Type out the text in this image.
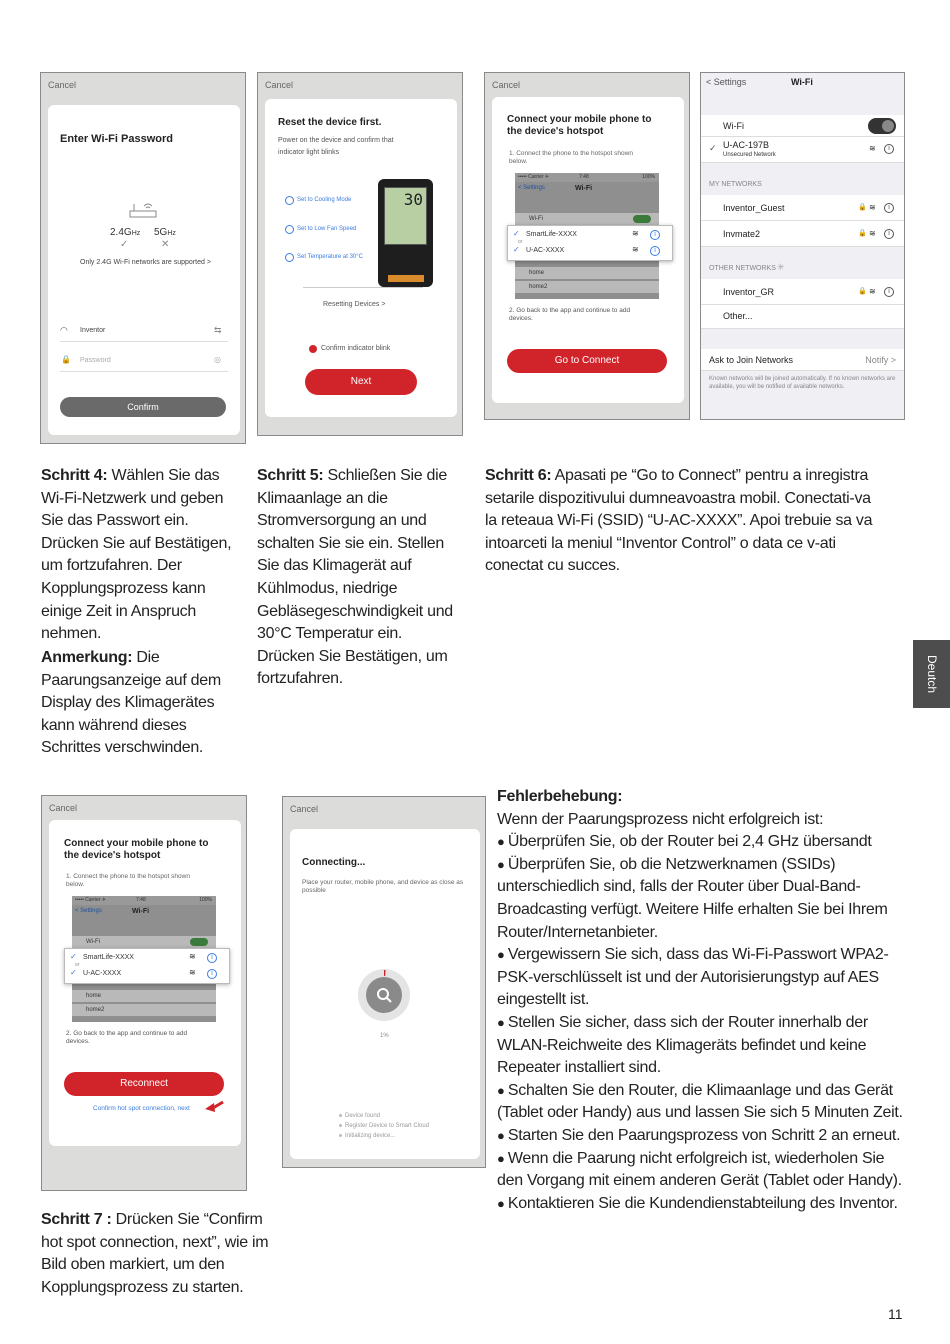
Cancel
Enter Wi-Fi Password
2.4GHz 5GHz
✓	✕
Only 2.4G Wi-Fi networks are supported >
◠ Inventor	⇆
🔒 Password	◎
Confirm
Cancel
Reset the device first.
Power on the device and confirm that indicator light blinks
Set to Cooling Mode
Set to Low Fan Speed
Set Temperature at 30°C
30
Resetting Devices >
Confirm indicator blink
Next
Cancel
Connect your mobile phone to the device's hotspot
1. Connect the phone to the hotspot shown below.
••••• Carrier ✈	7:48	100%
< Settings	Wi-Fi
Wi-Fi
home
home2
✓ SmartLife-XXXX
or
✓ U-AC-XXXX
≋	i
≋	i
2. Go back to the app and continue to add devices.
Go to Connect
< Settings	Wi-Fi
Wi-Fi
✓ U-AC-197B
Unsecured Network
≋	i
MY NETWORKS
Inventor_Guest	🔒 ≋	i
Invmate2	🔒 ≋	i
OTHER NETWORKS ✳
Inventor_GR	🔒 ≋	i
Other...
Ask to Join Networks	Notify >
Known networks will be joined automatically. If no known networks are available, you will be notified of available networks.
Schritt 4: Wählen Sie das Wi-Fi-Netzwerk und geben Sie das Passwort ein. Drücken Sie auf Bestätigen, um fortzufahren. Der Kopplungsprozess kann einige Zeit in Anspruch nehmen.
Anmerkung: Die Paarungsanzeige auf dem Display des Klimagerätes kann während dieses Schrittes verschwinden.
Schritt 5: Schließen Sie die Klimaanlage an die Stromversorgung an und schalten Sie sie ein. Stellen Sie das Klimagerät auf Kühlmodus, niedrige Gebläsegeschwindigkeit und 30°C Temperatur ein. Drücken Sie Bestätigen, um fortzufahren.
Schritt 6: Apasati pe “Go to Connect” pentru a inregistra setarile dispozitivului dumneavoastra mobil. Conectati-va la reteaua Wi-Fi (SSID) “U-AC-XXXX”. Apoi trebuie sa va intoarceti la meniul “Inventor Control” o data ce v-ati conectat cu succes.
Deutch
Cancel
Connect your mobile phone to the device's hotspot
1. Connect the phone to the hotspot shown below.
••••• Carrier ✈	7:48	100%
< Settings	Wi-Fi
Wi-Fi
home
home2
✓ SmartLife-XXXX
or
✓ U-AC-XXXX
≋	i
≋	i
2. Go back to the app and continue to add devices.
Reconnect
Confirm hot spot connection, next
Cancel
Connecting...
Place your router, mobile phone, and device as close as possible
1%
Device found
Register Device to Smart Cloud
Initializing device...
Schritt 7 : Drücken Sie “Confirm hot spot connection, next”, wie im Bild oben markiert, um den Kopplungsprozess zu starten.
Fehlerbehebung:
Wenn der Paarungsprozess nicht erfolgreich ist:
● Überprüfen Sie, ob der Router bei 2,4 GHz übersandt
● Überprüfen Sie, ob die Netzwerknamen (SSIDs) unterschiedlich sind, falls der Router über Dual-Band-Broadcasting verfügt. Weitere Hilfe erhalten Sie bei Ihrem Router/Internetanbieter.
● Vergewissern Sie sich, dass das Wi-Fi-Passwort WPA2-PSK-verschlüsselt ist und der Autorisierungstyp auf AES eingestellt ist.
● Stellen Sie sicher, dass sich der Router innerhalb der WLAN-Reichweite des Klimageräts befindet und keine Repeater installiert sind.
● Schalten Sie den Router, die Klimaanlage und das Gerät (Tablet oder Handy) aus und lassen Sie sich 5 Minuten Zeit.
● Starten Sie den Paarungsprozess von Schritt 2 an erneut.
● Wenn die Paarung nicht erfolgreich ist, wiederholen Sie den Vorgang mit einem anderen Gerät (Tablet oder Handy).
● Kontaktieren Sie die Kundendienstabteilung des Inventor.
11
